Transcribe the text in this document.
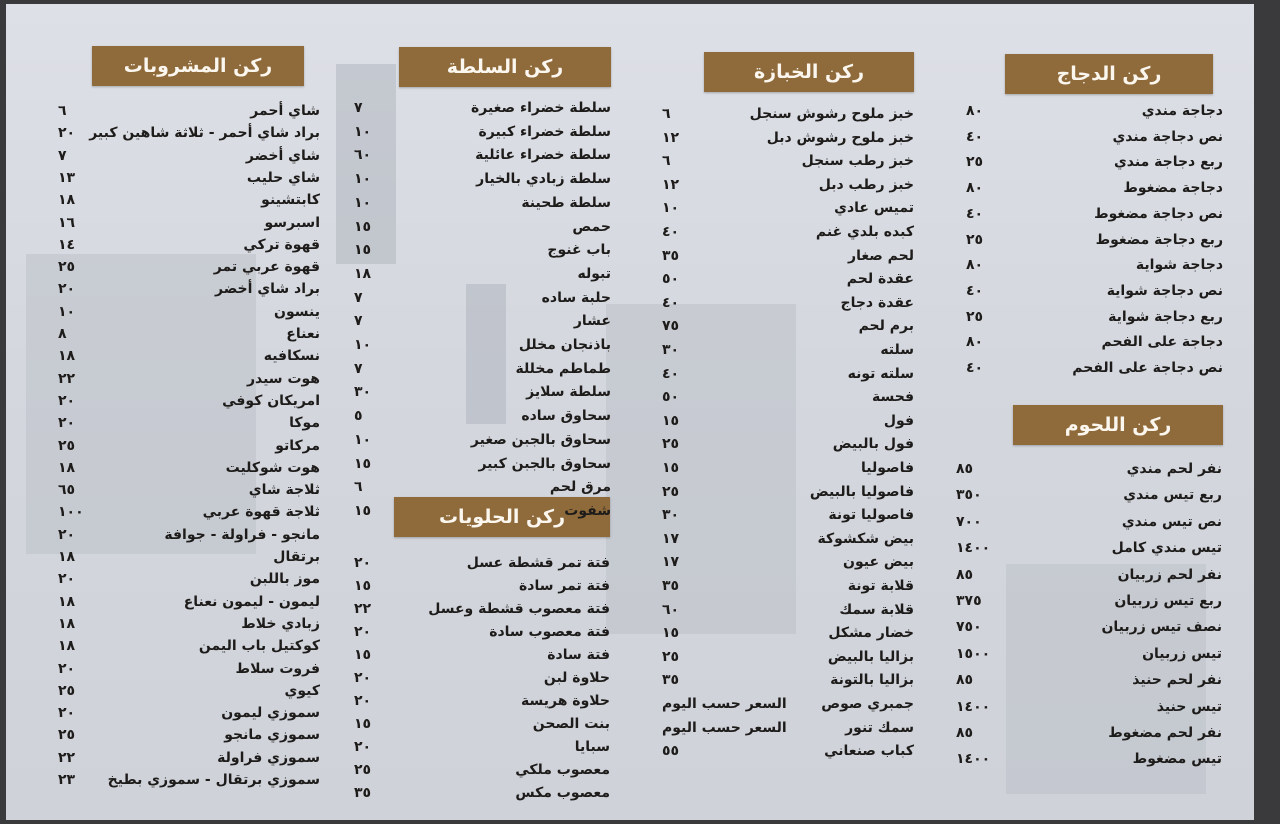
ركن الدجاج
ركن اللحوم
ركن الخبازة
ركن السلطة
ركن الحلويات
ركن المشروبات
٨٠	دجاجة مندي
٤٠	نص دجاجة مندي
٢٥	ربع دجاجة مندي
٨٠	دجاجة مضغوط
٤٠	نص دجاجة مضغوط
٢٥	ربع دجاجة مضغوط
٨٠	دجاجة شواية
٤٠	نص دجاجة شواية
٢٥	ربع دجاجة شواية
٨٠	دجاجة على الفحم
٤٠	نص دجاجة على الفحم
٨٥	نفر لحم مندي
٣٥٠	ربع تيس مندي
٧٠٠	نص تيس مندي
١٤٠٠	تيس مندي كامل
٨٥	نفر لحم زربيان
٣٧٥	ربع تيس زربيان
٧٥٠	نصف تيس زربيان
١٥٠٠	تيس زربيان
٨٥	نفر لحم حنيذ
١٤٠٠	تيس حنيذ
٨٥	نفر لحم مضغوط
١٤٠٠	تيس مضغوط
٦	خبز ملوح رشوش سنجل
١٢	خبز ملوح رشوش دبل
٦	خبز رطب سنجل
١٢	خبز رطب دبل
١٠	تميس عادي
٤٠	كبده بلدي غنم
٣٥	لحم صغار
٥٠	عقدة لحم
٤٠	عقدة دجاج
٧٥	برم لحم
٣٠	سلته
٤٠	سلته تونه
٥٠	فحسة
١٥	فول
٢٥	فول بالبيض
١٥	فاصوليا
٢٥	فاصوليا بالبيض
٣٠	فاصوليا تونة
١٧	بيض شكشوكة
١٧	بيض عيون
٣٥	قلابة تونة
٦٠	قلابة سمك
١٥	خضار مشكل
٢٥	بزاليا بالبيض
٣٥	بزاليا بالتونة
السعر حسب اليوم جمبري صوص
السعر حسب اليوم	سمك تنور
٥٥	كباب صنعاني
٧	سلطة خضراء صغيرة
١٠	سلطة خضراء كبيرة
٦٠	سلطة خضراء عائلية
١٠	سلطة زبادي بالخيار
١٠	سلطة طحينة
١٥	حمص
١٥	باب غنوج
١٨	تبوله
٧	حلبة ساده
٧	عشار
١٠	باذنجان مخلل
٧	طماطم مخللة
٣٠	سلطة سلايز
٥	سحاوق ساده
١٠	سحاوق بالجبن صغير
١٥	سحاوق بالجبن كبير
٦	مرق لحم
١٥	شفوت
٢٠	فتة تمر قشطة عسل
١٥	فتة تمر سادة
٢٢	فتة معصوب قشطة وعسل
٢٠	فتة معصوب سادة
١٥	فتة سادة
٢٠	حلاوة لبن
٢٠	حلاوة هريسة
١٥	بنت الصحن
٢٠	سبايا
٢٥	معصوب ملكي
٣٥	معصوب مكس
٦	شاي أحمر
٢٠ براد شاي أحمر - ثلاثة شاهين كبير
٧	شاي أخضر
١٣	شاي حليب
١٨	كابتشينو
١٦	اسبرسو
١٤	قهوة تركي
٢٥	قهوة عربي تمر
٢٠	براد شاي أخضر
١٠	ينسون
٨	نعناع
١٨	نسكافيه
٢٢	هوت سيدر
٢٠	امريكان كوفي
٢٠	موكا
٢٥	مركاتو
١٨	هوت شوكليت
٦٥	ثلاجة شاي
١٠٠	ثلاجة قهوة عربي
٢٠	مانجو - فراولة - جوافة
١٨	برتقال
٢٠	موز باللبن
١٨	ليمون - ليمون نعناع
١٨	زبادي خلاط
١٨	كوكتيل باب اليمن
٢٠	فروت سلاط
٢٥	كيوي
٢٠	سموزي ليمون
٢٥	سموزي مانجو
٢٢	سموزي فراولة
٢٣ سموزي برتقال - سموزي بطيخ
